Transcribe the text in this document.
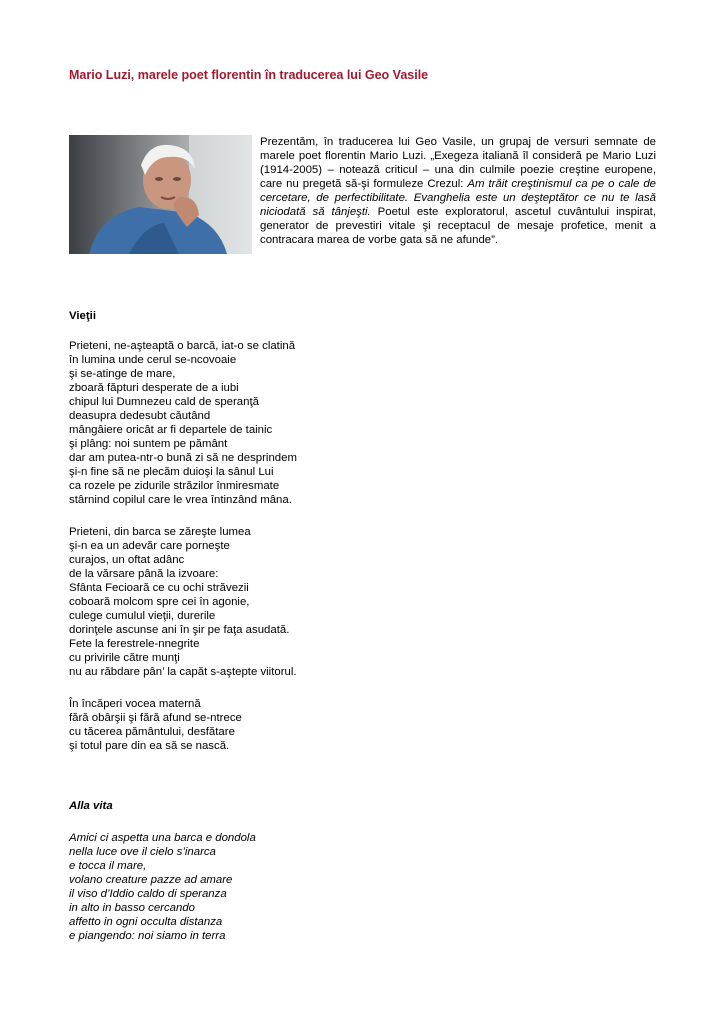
Mario Luzi, marele poet florentin în traducerea lui Geo Vasile

Prezentăm, în traducerea lui Geo Vasile, un grupaj de versuri semnate de marele poet florentin Mario Luzi. „Exegeza italiană îl consideră pe Mario Luzi (1914-2005) – notează criticul – una din culmile poezie creştine europene, care nu pregetă să-şi formuleze Crezul: Am trăit creştinismul ca pe o cale de cercetare, de perfectibilitate. Evanghelia este un deşteptător ce nu te lasă niciodată să tânjeşti. Poetul este exploratorul, ascetul cuvântului inspirat, generator de prevestiri vitale şi receptacul de mesaje profetice, menit a contracara marea de vorbe gata să ne afunde”.

Vieţii
Prieteni, ne-aşteaptă o barcă, iat-o se clatină
în lumina unde cerul se-ncovoaie
şi se-atinge de mare,
zboară făpturi desperate de a iubi
chipul lui Dumnezeu cald de speranţă
deasupra dedesubt căutând
mângâiere oricât ar fi departele de tainic
şi plâng: noi suntem pe pământ
dar am putea-ntr-o bună zi să ne desprindem
şi-n fine să ne plecăm duioşi la sânul Lui
ca rozele pe zidurile străzilor înmiresmate
stârnind copilul care le vrea întinzând mâna.
Prieteni, din barca se zăreşte lumea
şi-n ea un adevăr care porneşte
curajos, un oftat adânc
de la vărsare până la izvoare:
Sfânta Fecioară ce cu ochi străvezii
coboară molcom spre cei în agonie,
culege cumulul vieţii, durerile
dorinţele ascunse ani în şir pe faţa asudată.
Fete la ferestrele-nnegrite
cu privirile către munţi
nu au răbdare pân’ la capăt s-aştepte viitorul.
În încăperi vocea maternă
fără obârşii şi fără afund se-ntrece
cu tăcerea pământului, desfătare
şi totul pare din ea să se nască.
Alla vita
Amici ci aspetta una barca e dondola
nella luce ove il cielo s’inarca
e tocca il mare,
volano creature pazze ad amare
il viso d’Iddio caldo di speranza
in alto in basso cercando
affetto in ogni occulta distanza
e piangendo: noi siamo in terra
